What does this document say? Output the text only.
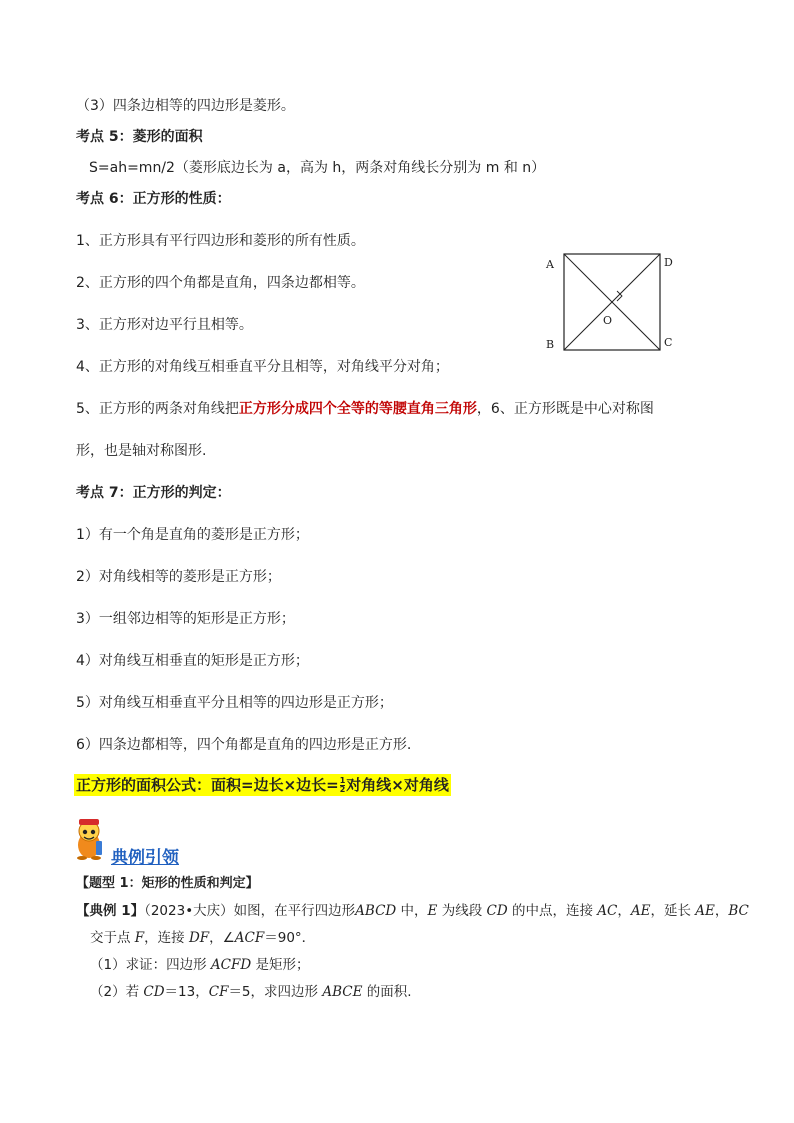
（3）四条边相等的四边形是菱形。
考点 5：菱形的面积
S=ah=mn/2（菱形底边长为 a，高为 h，两条对角线长分别为 m 和 n）
考点 6：正方形的性质：
1、正方形具有平行四边形和菱形的所有性质。
2、正方形的四个角都是直角，四条边都相等。
3、正方形对边平行且相等。
4、正方形的对角线互相垂直平分且相等，对角线平分对角；
5、正方形的两条对角线把正方形分成四个全等的等腰直角三角形，6、正方形既是中心对称图
形，也是轴对称图形.
A	D
O
B	C
考点 7：正方形的判定：
1）有一个角是直角的菱形是正方形；
2）对角线相等的菱形是正方形；
3）一组邻边相等的矩形是正方形；
4）对角线互相垂直的矩形是正方形；
5）对角线互相垂直平分且相等的四边形是正方形；
6）四条边都相等，四个角都是直角的四边形是正方形.
正方形的面积公式：面积=边长×边长= $\frac{1}{2}$ 对角线×对角线
典例引领
【题型 1：矩形的性质和判定】
【典例 1】（2023•大庆）如图，在平行四边形ABCD 中，E 为线段 CD 的中点，连接 AC，AE，延长 AE，BC
交于点 F，连接 DF，∠ACF＝90°．
（1）求证：四边形 ACFD 是矩形；
（2）若 CD＝13，CF＝5，求四边形 ABCE 的面积.
